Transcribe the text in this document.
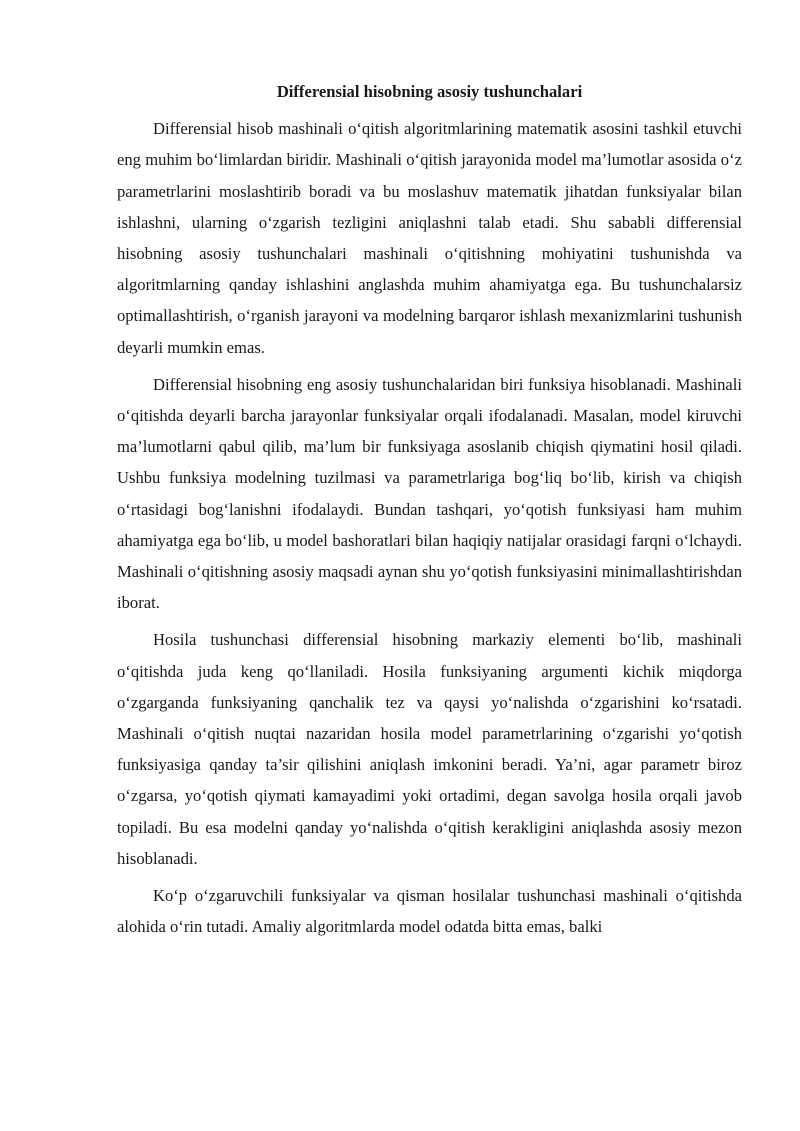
Differensial hisobning asosiy tushunchalari

Differensial hisob mashinali o‘qitish algoritmlarining matematik asosini tashkil etuvchi eng muhim bo‘limlardan biridir. Mashinali o‘qitish jarayonida model ma’lumotlar asosida o‘z parametrlarini moslashtirib boradi va bu moslashuv matematik jihatdan funksiyalar bilan ishlashni, ularning o‘zgarish tezligini aniqlashni talab etadi. Shu sababli differensial hisobning asosiy tushunchalari mashinali o‘qitishning mohiyatini tushunishda va algoritmlarning qanday ishlashini anglashda muhim ahamiyatga ega. Bu tushunchalarsiz optimallashtirish, o‘rganish jarayoni va modelning barqaror ishlash mexanizmlarini tushunish deyarli mumkin emas.

Differensial hisobning eng asosiy tushunchalaridan biri funksiya hisoblanadi. Mashinali o‘qitishda deyarli barcha jarayonlar funksiyalar orqali ifodalanadi. Masalan, model kiruvchi ma’lumotlarni qabul qilib, ma’lum bir funksiyaga asoslanib chiqish qiymatini hosil qiladi. Ushbu funksiya modelning tuzilmasi va parametrlariga bog‘liq bo‘lib, kirish va chiqish o‘rtasidagi bog‘lanishni ifodalaydi. Bundan tashqari, yo‘qotish funksiyasi ham muhim ahamiyatga ega bo‘lib, u model bashoratlari bilan haqiqiy natijalar orasidagi farqni o‘lchaydi. Mashinali o‘qitishning asosiy maqsadi aynan shu yo‘qotish funksiyasini minimallashtirishdan iborat.

Hosila tushunchasi differensial hisobning markaziy elementi bo‘lib, mashinali o‘qitishda juda keng qo‘llaniladi. Hosila funksiyaning argumenti kichik miqdorga o‘zgarganda funksiyaning qanchalik tez va qaysi yo‘nalishda o‘zgarishini ko‘rsatadi. Mashinali o‘qitish nuqtai nazaridan hosila model parametrlarining o‘zgarishi yo‘qotish funksiyasiga qanday ta’sir qilishini aniqlash imkonini beradi. Ya’ni, agar parametr biroz o‘zgarsa, yo‘qotish qiymati kamayadimi yoki ortadimi, degan savolga hosila orqali javob topiladi. Bu esa modelni qanday yo‘nalishda o‘qitish kerakligini aniqlashda asosiy mezon hisoblanadi.

Ko‘p o‘zgaruvchili funksiyalar va qisman hosilalar tushunchasi mashinali o‘qitishda alohida o‘rin tutadi. Amaliy algoritmlarda model odatda bitta emas, balki
